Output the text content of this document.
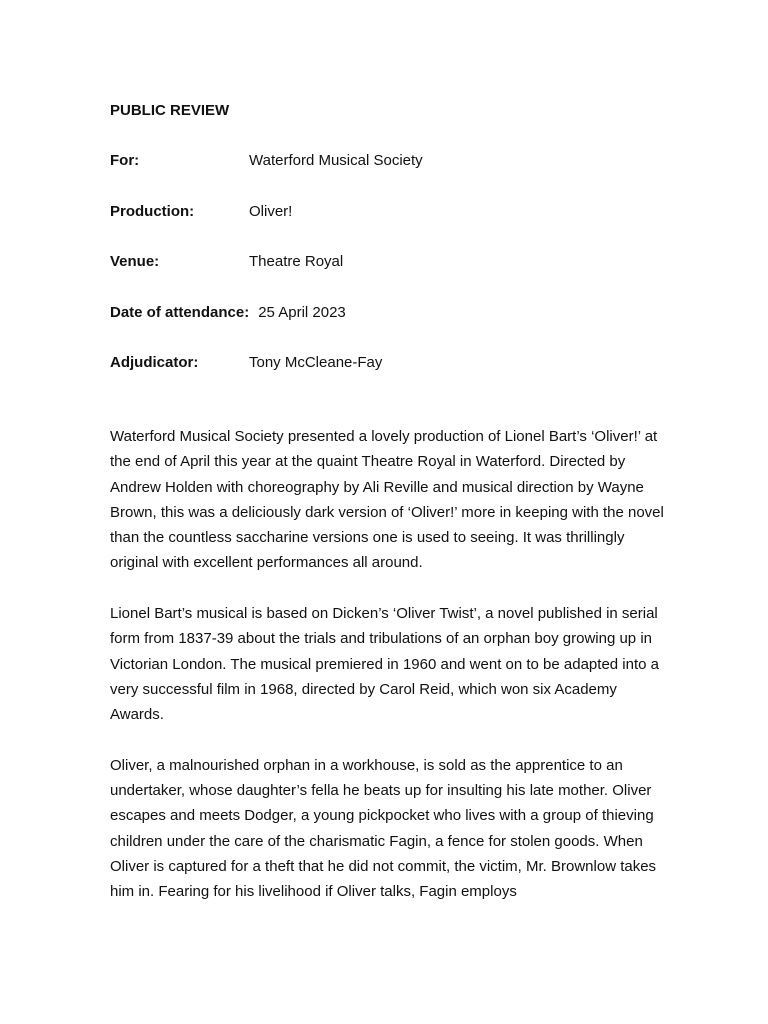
PUBLIC REVIEW
For:	Waterford Musical Society
Production:	Oliver!
Venue:	Theatre Royal
Date of attendance: 25 April 2023
Adjudicator:	Tony McCleane-Fay

Waterford Musical Society presented a lovely production of Lionel Bart’s ‘Oliver!’ at the end of April this year at the quaint Theatre Royal in Waterford. Directed by Andrew Holden with choreography by Ali Reville and musical direction by Wayne Brown, this was a deliciously dark version of ‘Oliver!’ more in keeping with the novel than the countless saccharine versions one is used to seeing. It was thrillingly original with excellent performances all around.

Lionel Bart’s musical is based on Dicken’s ‘Oliver Twist’, a novel published in serial form from 1837-39 about the trials and tribulations of an orphan boy growing up in Victorian London. The musical premiered in 1960 and went on to be adapted into a very successful film in 1968, directed by Carol Reid, which won six Academy Awards.

Oliver, a malnourished orphan in a workhouse, is sold as the apprentice to an undertaker, whose daughter’s fella he beats up for insulting his late mother. Oliver escapes and meets Dodger, a young pickpocket who lives with a group of thieving children under the care of the charismatic Fagin, a fence for stolen goods. When Oliver is captured for a theft that he did not commit, the victim, Mr. Brownlow takes him in. Fearing for his livelihood if Oliver talks, Fagin employs
